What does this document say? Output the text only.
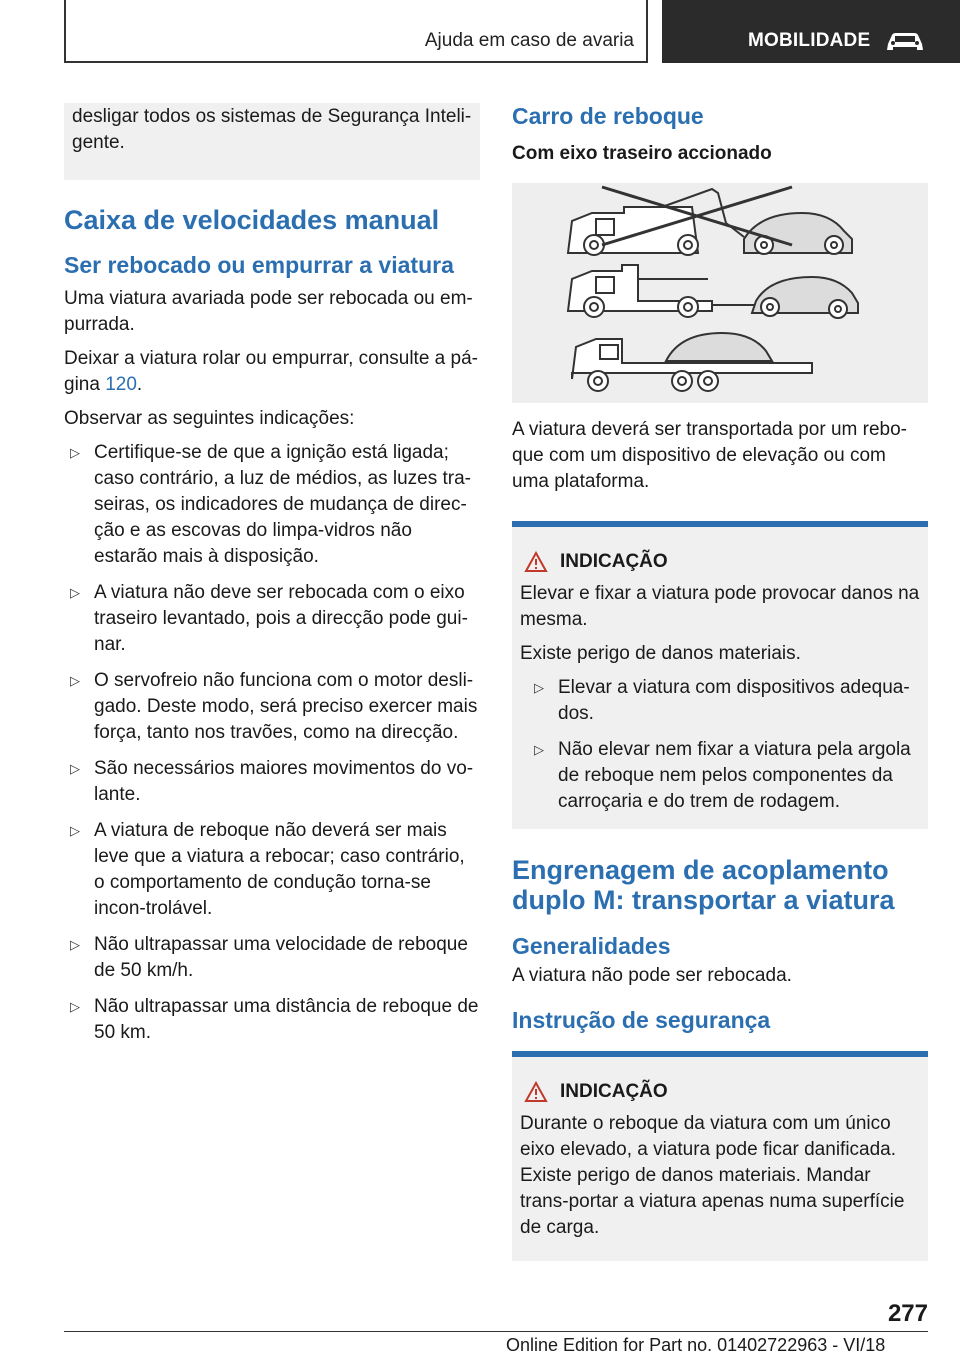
Ajuda em caso de avaria	MOBILIDADE

desligar todos os sistemas de Segurança Inteli-gente.

Caixa de velocidades manual
Ser rebocado ou empurrar a viatura

Uma viatura avariada pode ser rebocada ou em-purrada.

Deixar a viatura rolar ou empurrar, consulte a pá-gina 120.

Observar as seguintes indicações:

▷ Certifique-se de que a ignição está ligada; caso contrário, a luz de médios, as luzes tra-seiras, os indicadores de mudança de direc-ção e as escovas do limpa-vidros não estarão mais à disposição.
▷ A viatura não deve ser rebocada com o eixo traseiro levantado, pois a direcção pode gui-nar.
▷ O servofreio não funciona com o motor desli-gado. Deste modo, será preciso exercer mais força, tanto nos travões, como na direcção.
▷ São necessários maiores movimentos do vo-lante.
▷ A viatura de reboque não deverá ser mais leve que a viatura a rebocar; caso contrário, o comportamento de condução torna-se incon-trolável.
▷ Não ultrapassar uma velocidade de reboque de 50 km/h.
▷ Não ultrapassar uma distância de reboque de 50 km.
Carro de reboque
Com eixo traseiro accionado

A viatura deverá ser transportada por um rebo-que com um dispositivo de elevação ou com uma plataforma.

INDICAÇÃO

Elevar e fixar a viatura pode provocar danos na mesma.

Existe perigo de danos materiais.

▷ Elevar a viatura com dispositivos adequa-dos.
▷ Não elevar nem fixar a viatura pela argola de reboque nem pelos componentes da carroçaria e do trem de rodagem.
Engrenagem de acoplamento duplo M: transportar a viatura
Generalidades

A viatura não pode ser rebocada.

Instrução de segurança
INDICAÇÃO

Durante o reboque da viatura com um único eixo elevado, a viatura pode ficar danificada. Existe perigo de danos materiais. Mandar trans-portar a viatura apenas numa superfície de carga.

277
Online Edition for Part no. 01402722963 - VI/18
